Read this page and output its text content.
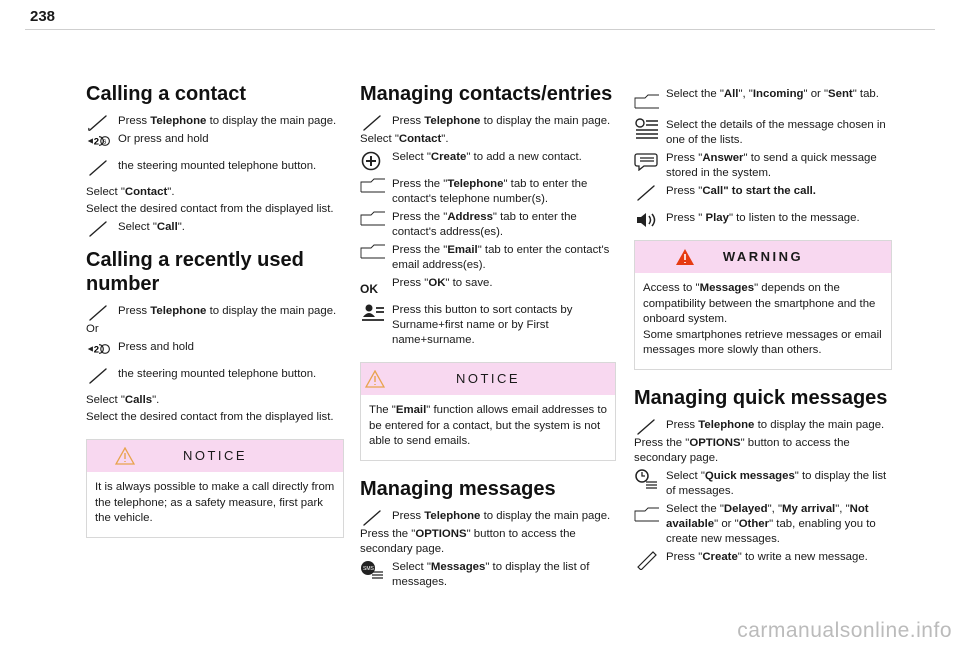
238
Calling a contact
Press Telephone to display the main page.
2 s Or press and hold
the steering mounted telephone button.
Select "Contact".
Select the desired contact from the displayed list.
Select "Call".
Calling a recently used number
Press Telephone to display the main page.
Or
2 Press and hold
the steering mounted telephone button.
Select "Calls".
Select the desired contact from the displayed list.
NOTICE
It is always possible to make a call directly from the telephone; as a safety measure, first park the vehicle.
Managing contacts/entries
Press Telephone to display the main page.
Select "Contact".
Select "Create" to add a new contact.
Press the "Telephone" tab to enter the contact's telephone number(s).
Press the "Address" tab to enter the contact's address(es).
Press the "Email" tab to enter the contact's email address(es).
OK	Press "OK" to save.
Press this button to sort contacts by Surname+first name or by First name+surname.
NOTICE
The "Email" function allows email addresses to be entered for a contact, but the system is not able to send emails.
Managing messages
Press Telephone to display the main page.
Press the "OPTIONS" button to access the secondary page.
SMS Select "Messages" to display the list of messages.
Select the "All", "Incoming" or "Sent" tab.
Select the details of the message chosen in one of the lists.
Press "Answer" to send a quick message stored in the system.
Press "Call" to start the call.
Press " Play" to listen to the message.
WARNING
Access to "Messages" depends on the compatibility between the smartphone and the onboard system.
Some smartphones retrieve messages or email messages more slowly than others.
Managing quick messages
Press Telephone to display the main page.
Press the "OPTIONS" button to access the secondary page.
Select "Quick messages" to display the list of messages.
Select the "Delayed", "My arrival", "Not available" or "Other" tab, enabling you to create new messages.
Press "Create" to write a new message.
carmanualsonline.info
